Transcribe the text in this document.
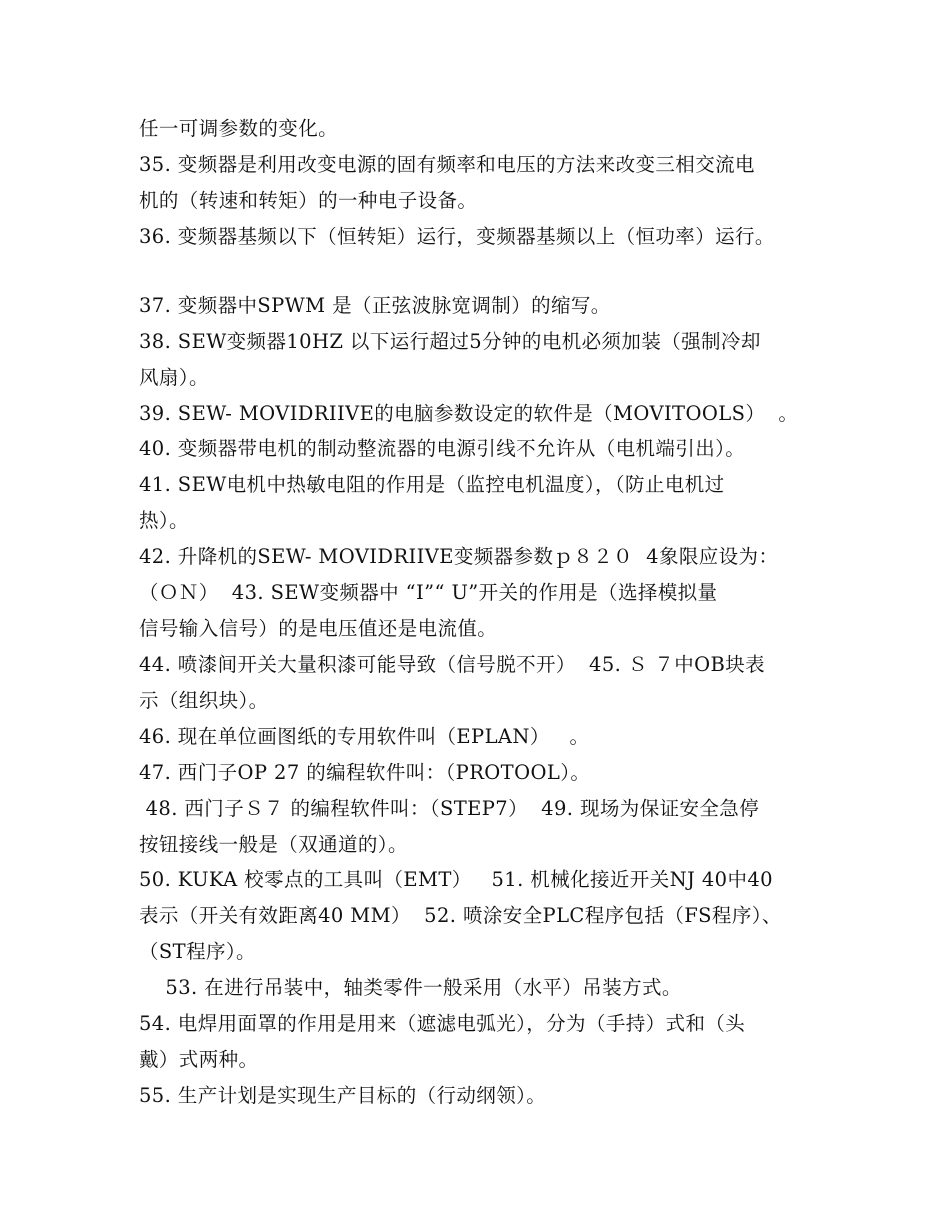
任一可调参数的变化。
35. 变频器是利用改变电源的固有频率和电压的方法来改变三相交流电
机的（转速和转矩）的一种电子设备。
36. 变频器基频以下（恒转矩）运行，变频器基频以上（恒功率）运行。
37. 变频器中SPWM 是（正弦波脉宽调制）的缩写。
38. SEW变频器10HZ 以下运行超过5分钟的电机必须加装（强制冷却
风扇）。
39. SEW- MOVIDRIIVE的电脑参数设定的软件是（MOVITOOLS）  。
40. 变频器带电机的制动整流器的电源引线不允许从（电机端引出）。
41. SEW电机中热敏电阻的作用是（监控电机温度），（防止电机过
热）。
42. 升降机的SEW- MOVIDRIIVE变频器参数ｐ８２０  4象限应设为：
（ＯＮ）  43. SEW变频器中 “I”“ U”开关的作用是（选择模拟量
信号输入信号）的是电压值还是电流值。
44. 喷漆间开关大量积漆可能导致（信号脱不开）  45. Ｓ ７中OB块表
示（组织块）。
46. 现在单位画图纸的专用软件叫（EPLAN）   。
47. 西门子OP 27 的编程软件叫：（PROTOOL）。
48. 西门子Ｓ７ 的编程软件叫：（STEP7）  49. 现场为保证安全急停
按钮接线一般是（双通道的）。
50. KUKA 校零点的工具叫（EMT）   51. 机械化接近开关NJ 40中40
表示（开关有效距离40 MM）  52. 喷涂安全PLC程序包括（FS程序）、
（ST程序）。
53. 在进行吊装中，轴类零件一般采用（水平）吊装方式。
54. 电焊用面罩的作用是用来（遮滤电弧光），分为（手持）式和（头
戴）式两种。
55. 生产计划是实现生产目标的（行动纲领）。
